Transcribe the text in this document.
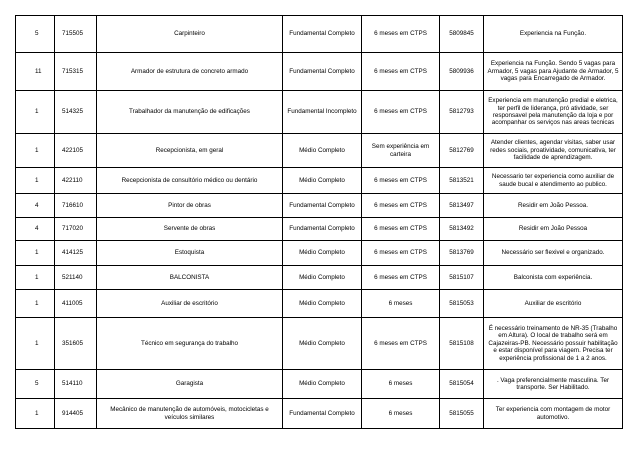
5	715505	Carpinteiro	Fundamental Completo	6 meses em CTPS	5809845	Experiencia na Função.
11	715315	Armador de estrutura de concreto armado	Fundamental Completo	6 meses em CTPS	5809936	Experiencia na Função. Sendo 5 vagas para Armador, 5 vagas para Ajudante de Armador, 5 vagas para Encarregado de Armador.
1	514325	Trabalhador da manutenção de edificações	Fundamental Incompleto	6 meses em CTPS	5812793	Experiencia em manutenção predial e eletrica, ter perfil de liderança, pró atividade, ser responsavel pela manutenção da loja e por acompanhar os serviços nas areas tecnicas
1	422105	Recepcionista, em geral	Médio Completo	Sem experiência em carteira	5812769	Atender clientes, agendar visitas, saber usar redes sociais, proatividade, comunicativa, ter facilidade de aprendizagem.
1	422110	Recepcionista de consultório médico ou dentário	Médio Completo	6 meses em CTPS	5813521	Necessario ter experiencia como auxiliar de saude bucal e atendimento ao publico.
4	716610	Pintor de obras	Fundamental Completo	6 meses em CTPS	5813497	Residir em João Pessoa.
4	717020	Servente de obras	Fundamental Completo	6 meses em CTPS	5813492	Residir em João Pessoa
1	414125	Estoquista	Médio Completo	6 meses em CTPS	5813769	Necessário ser flexivel e organizado.
1	521140	BALCONISTA	Médio Completo	6 meses em CTPS	5815107	Balconista com experiência.
1	411005	Auxiliar de escritório	Médio Completo	6 meses	5815053	Auxiliar de escritório
1	351605	Técnico em segurança do trabalho	Médio Completo	6 meses em CTPS	5815108	É necessário treinamento de NR-35 (Trabalho em Altura). O local de trabalho será em Cajazeiras-PB. Necessário possuir habilitação e estar disponível para viagem. Precisa ter experiência profissional de 1 a 2 anos.
5	514110	Garagista	Médio Completo	6 meses	5815054	. Vaga preferencialmente masculina. Ter transporte. Ser Habilitado.
1	914405	Mecânico de manutenção de automóveis, motocicletas e veículos similares	Fundamental Completo	6 meses	5815055	Ter experiencia com montagem de motor automotivo.
